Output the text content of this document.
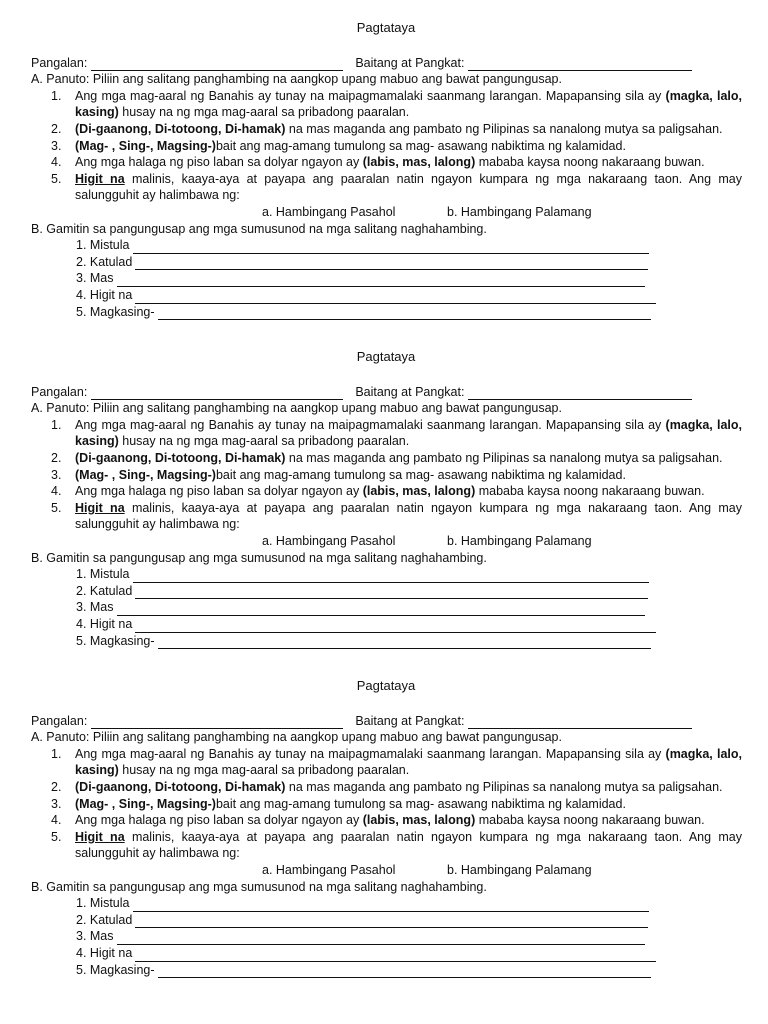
Pagtataya
Pangalan:	Baitang at Pangkat:
A. Panuto: Piliin ang salitang panghambing na aangkop upang mabuo ang bawat pangungusap.
1.	Ang mga mag-aaral ng Banahis ay tunay na maipagmamalaki saanmang larangan. Mapapansing sila ay (magka, lalo, kasing) husay na ng mga mag-aaral sa pribadong paaralan.
2.	(Di-gaanong, Di-totoong, Di-hamak) na mas maganda ang pambato ng Pilipinas sa nanalong mutya sa paligsahan.
3.	(Mag- , Sing-, Magsing-)bait ang mag-amang tumulong sa mag- asawang nabiktima ng kalamidad.
4.	Ang mga halaga ng piso laban sa dolyar ngayon ay (labis, mas, lalong) mababa kaysa noong nakaraang buwan.
5.	Higit na malinis, kaaya-aya at payapa ang paaralan natin ngayon kumpara ng mga nakaraang taon. Ang may salungguhit ay halimbawa ng:
a. Hambingang Pasahol	b. Hambingang Palamang
B. Gamitin sa pangungusap ang mga sumusunod na mga salitang naghahambing.
1. Mistula
2. Katulad
3. Mas
4. Higit na
5. Magkasing-
Pagtataya
Pangalan:	Baitang at Pangkat:
A. Panuto: Piliin ang salitang panghambing na aangkop upang mabuo ang bawat pangungusap.
1.	Ang mga mag-aaral ng Banahis ay tunay na maipagmamalaki saanmang larangan. Mapapansing sila ay (magka, lalo, kasing) husay na ng mga mag-aaral sa pribadong paaralan.
2.	(Di-gaanong, Di-totoong, Di-hamak) na mas maganda ang pambato ng Pilipinas sa nanalong mutya sa paligsahan.
3.	(Mag- , Sing-, Magsing-)bait ang mag-amang tumulong sa mag- asawang nabiktima ng kalamidad.
4.	Ang mga halaga ng piso laban sa dolyar ngayon ay (labis, mas, lalong) mababa kaysa noong nakaraang buwan.
5.	Higit na malinis, kaaya-aya at payapa ang paaralan natin ngayon kumpara ng mga nakaraang taon. Ang may salungguhit ay halimbawa ng:
a. Hambingang Pasahol	b. Hambingang Palamang
B. Gamitin sa pangungusap ang mga sumusunod na mga salitang naghahambing.
1. Mistula
2. Katulad
3. Mas
4. Higit na
5. Magkasing-
Pagtataya
Pangalan:	Baitang at Pangkat:
A. Panuto: Piliin ang salitang panghambing na aangkop upang mabuo ang bawat pangungusap.
1.	Ang mga mag-aaral ng Banahis ay tunay na maipagmamalaki saanmang larangan. Mapapansing sila ay (magka, lalo, kasing) husay na ng mga mag-aaral sa pribadong paaralan.
2.	(Di-gaanong, Di-totoong, Di-hamak) na mas maganda ang pambato ng Pilipinas sa nanalong mutya sa paligsahan.
3.	(Mag- , Sing-, Magsing-)bait ang mag-amang tumulong sa mag- asawang nabiktima ng kalamidad.
4.	Ang mga halaga ng piso laban sa dolyar ngayon ay (labis, mas, lalong) mababa kaysa noong nakaraang buwan.
5.	Higit na malinis, kaaya-aya at payapa ang paaralan natin ngayon kumpara ng mga nakaraang taon. Ang may salungguhit ay halimbawa ng:
a. Hambingang Pasahol	b. Hambingang Palamang
B. Gamitin sa pangungusap ang mga sumusunod na mga salitang naghahambing.
1. Mistula
2. Katulad
3. Mas
4. Higit na
5. Magkasing-
